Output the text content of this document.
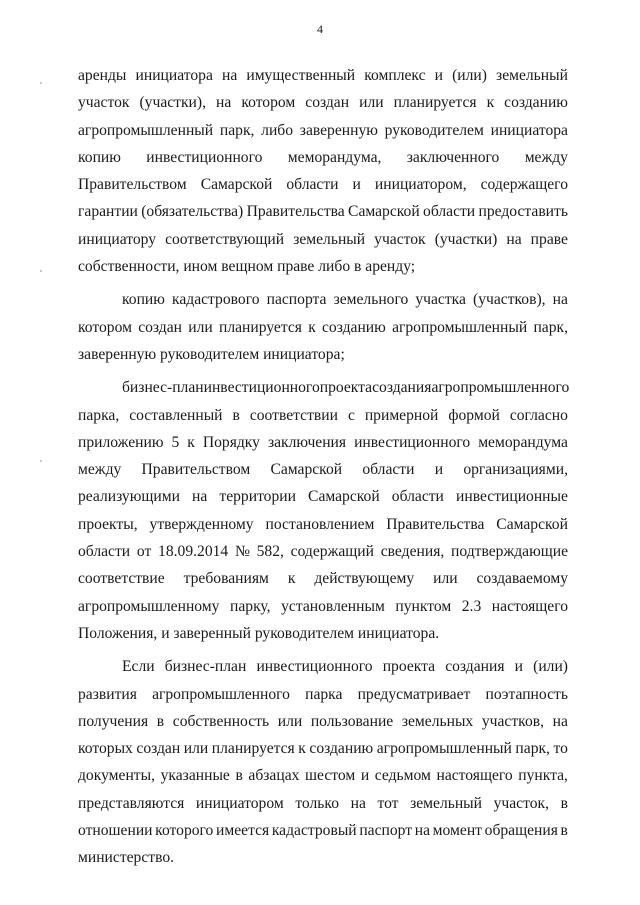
4
аренды инициатора на имущественный комплекс и (или) земельный
участок (участки), на котором создан или планируется к созданию
агропромышленный парк, либо заверенную руководителем инициатора
копию инвестиционного меморандума, заключенного между
Правительством Самарской области и инициатором, содержащего
гарантии (обязательства) Правительства Самарской области предоставить
инициатору соответствующий земельный участок (участки) на праве
собственности, ином вещном праве либо в аренду;
копию кадастрового паспорта земельного участка (участков), на
котором создан или планируется к созданию агропромышленный парк,
заверенную руководителем инициатора;
бизнес-план инвестиционного проекта создания агропромышленного
парка, составленный в соответствии с примерной формой согласно
приложению 5 к Порядку заключения инвестиционного меморандума
между Правительством Самарской области и организациями,
реализующими на территории Самарской области инвестиционные
проекты, утвержденному постановлением Правительства Самарской
области от 18.09.2014 № 582, содержащий сведения, подтверждающие
соответствие требованиям к действующему или создаваемому
агропромышленному парку, установленным пунктом 2.3 настоящего
Положения, и заверенный руководителем инициатора.
Если бизнес-план инвестиционного проекта создания и (или)
развития агропромышленного парка предусматривает поэтапность
получения в собственность или пользование земельных участков, на
которых создан или планируется к созданию агропромышленный парк, то
документы, указанные в абзацах шестом и седьмом настоящего пункта,
представляются инициатором только на тот земельный участок, в
отношении которого имеется кадастровый паспорт на момент обращения в
министерство.
